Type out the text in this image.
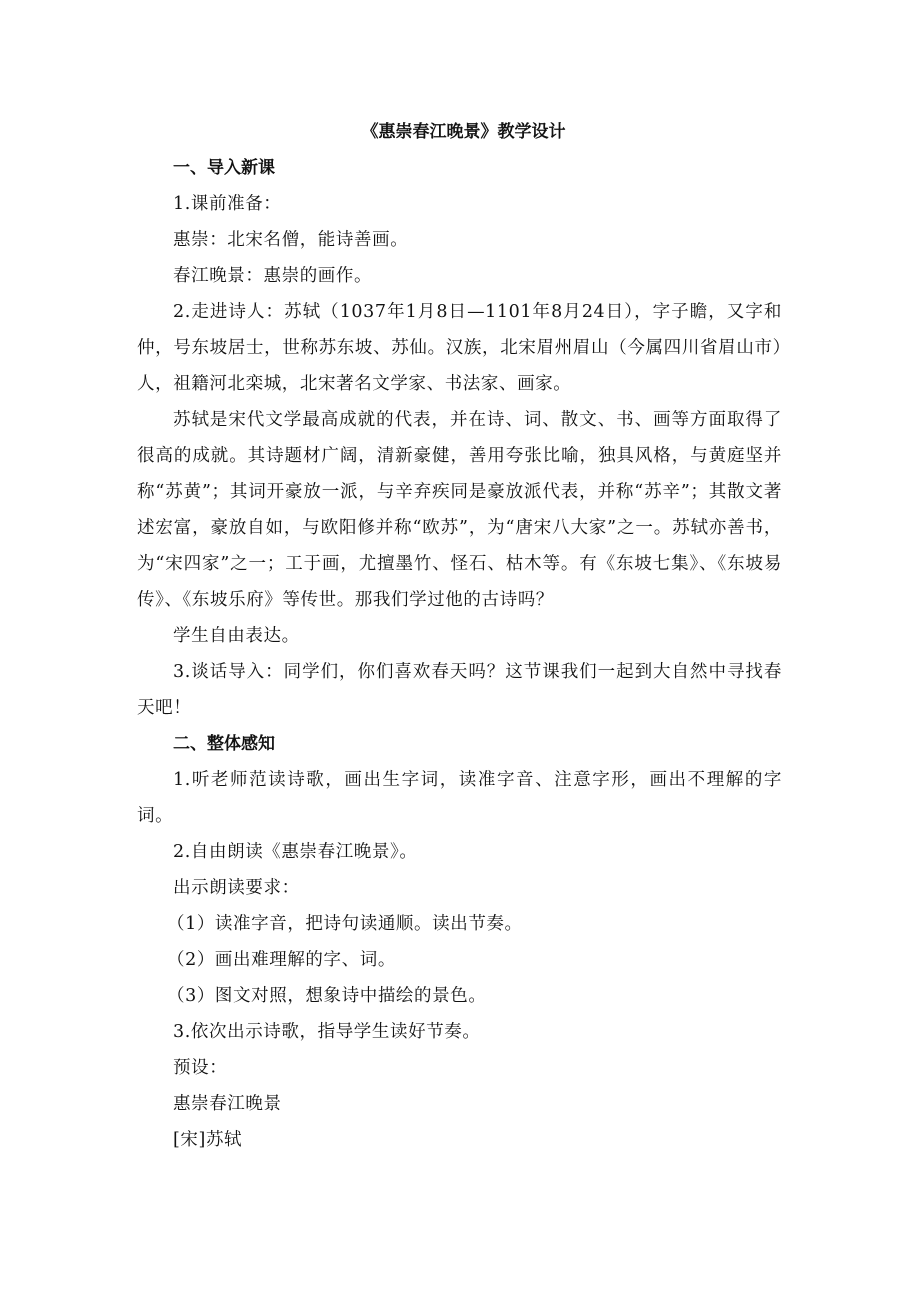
《惠崇春江晚景》教学设计
一、导入新课

1.课前准备：

惠崇：北宋名僧，能诗善画。

春江晚景：惠崇的画作。

2.走进诗人：苏轼（1037年1月8日—1101年8月24日），字子瞻，又字和仲，号东坡居士，世称苏东坡、苏仙。汉族，北宋眉州眉山（今属四川省眉山市）人，祖籍河北栾城，北宋著名文学家、书法家、画家。

苏轼是宋代文学最高成就的代表，并在诗、词、散文、书、画等方面取得了很高的成就。其诗题材广阔，清新豪健，善用夸张比喻，独具风格，与黄庭坚并称“苏黄”；其词开豪放一派，与辛弃疾同是豪放派代表，并称“苏辛”；其散文著述宏富，豪放自如，与欧阳修并称“欧苏”，为“唐宋八大家”之一。苏轼亦善书，为“宋四家”之一；工于画，尤擅墨竹、怪石、枯木等。有《东坡七集》、《东坡易传》、《东坡乐府》等传世。那我们学过他的古诗吗？

学生自由表达。

3.谈话导入：同学们，你们喜欢春天吗？这节课我们一起到大自然中寻找春天吧！

二、整体感知

1.听老师范读诗歌，画出生字词，读准字音、注意字形，画出不理解的字词。

2.自由朗读《惠崇春江晚景》。

出示朗读要求：

（1）读准字音，把诗句读通顺。读出节奏。

（2）画出难理解的字、词。

（3）图文对照，想象诗中描绘的景色。

3.依次出示诗歌，指导学生读好节奏。

预设：

惠崇春江晚景

[宋]苏轼
